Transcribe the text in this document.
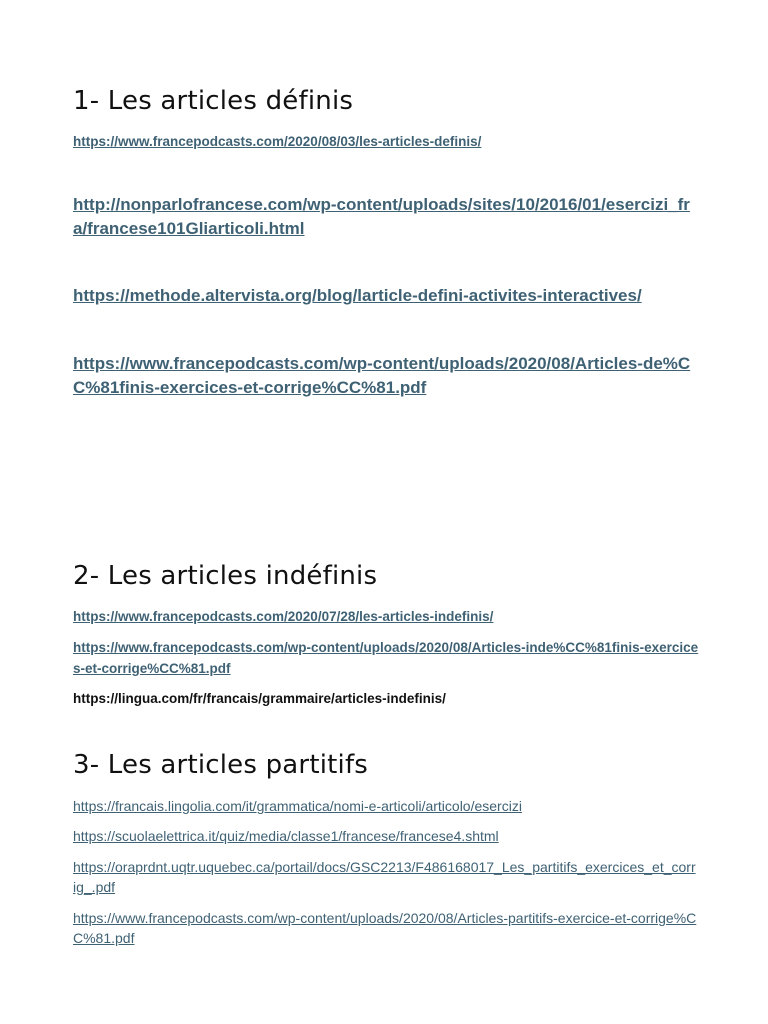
1- Les articles définis
https://www.francepodcasts.com/2020/08/03/les-articles-definis/
http://nonparlofrancese.com/wp-content/uploads/sites/10/2016/01/esercizi_fra/francese101Gliarticoli.html
https://methode.altervista.org/blog/larticle-defini-activites-interactives/
https://www.francepodcasts.com/wp-content/uploads/2020/08/Articles-de%CC%81finis-exercices-et-corrige%CC%81.pdf
2- Les articles indéfinis
https://www.francepodcasts.com/2020/07/28/les-articles-indefinis/
https://www.francepodcasts.com/wp-content/uploads/2020/08/Articles-inde%CC%81finis-exercices-et-corrige%CC%81.pdf
https://lingua.com/fr/francais/grammaire/articles-indefinis/
3- Les articles partitifs
https://francais.lingolia.com/it/grammatica/nomi-e-articoli/articolo/esercizi
https://scuolaelettrica.it/quiz/media/classe1/francese/francese4.shtml
https://oraprdnt.uqtr.uquebec.ca/portail/docs/GSC2213/F486168017_Les_partitifs_exercices_et_corrig_.pdf
https://www.francepodcasts.com/wp-content/uploads/2020/08/Articles-partitifs-exercice-et-corrige%CC%81.pdf
